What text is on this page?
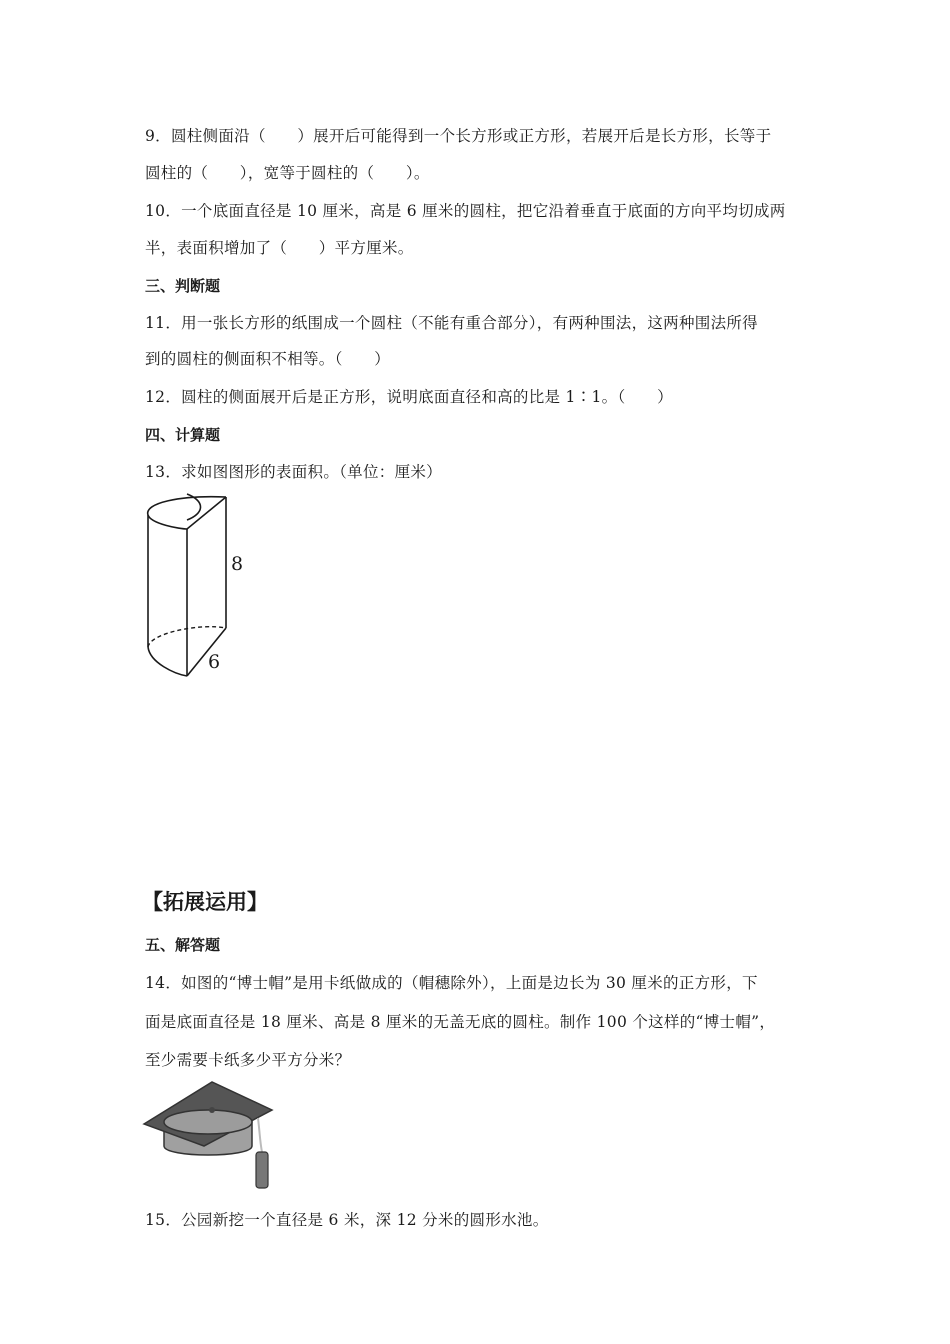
9．圆柱侧面沿（　　）展开后可能得到一个长方形或正方形，若展开后是长方形，长等于
圆柱的（　　），宽等于圆柱的（　　）。
10．一个底面直径是 10 厘米，高是 6 厘米的圆柱，把它沿着垂直于底面的方向平均切成两
半，表面积增加了（　　）平方厘米。
三、判断题
11．用一张长方形的纸围成一个圆柱（不能有重合部分），有两种围法，这两种围法所得
到的圆柱的侧面积不相等。（　　）
12．圆柱的侧面展开后是正方形，说明底面直径和高的比是 1∶1。（　　）
四、计算题
13．求如图图形的表面积。（单位：厘米）
8
6
【拓展运用】
五、解答题
14．如图的“博士帽”是用卡纸做成的（帽穗除外），上面是边长为 30 厘米的正方形，下
面是底面直径是 18 厘米、高是 8 厘米的无盖无底的圆柱。制作 100 个这样的“博士帽”，
至少需要卡纸多少平方分米？
15．公园新挖一个直径是 6 米，深 12 分米的圆形水池。
